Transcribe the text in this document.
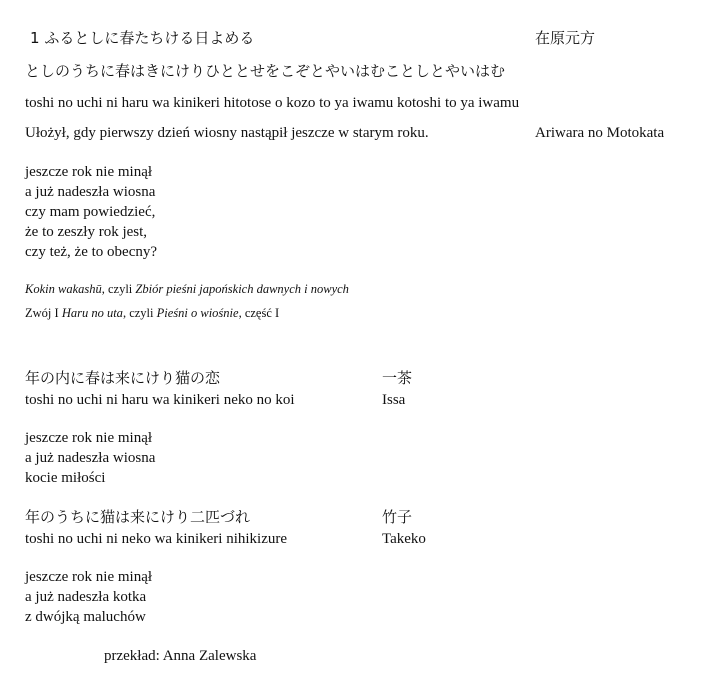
1 ふるとしに春たちける日よめる	在原元方
としのうちに春はきにけりひととせをこぞとやいはむことしとやいはむ
toshi no uchi ni haru wa kinikeri hitotose o kozo to ya iwamu kotoshi to ya iwamu
Ułożył, gdy pierwszy dzień wiosny nastąpił jeszcze w starym roku.	Ariwara no Motokata
jeszcze rok nie minął
a już nadeszła wiosna
czy mam powiedzieć,
że to zeszły rok jest,
czy też, że to obecny?
Kokin wakashū, czyli Zbiór pieśni japońskich dawnych i nowych
Zwój I Haru no uta, czyli Pieśni o wiośnie, część I
年の内に春は来にけり猫の恋	一茶
toshi no uchi ni haru wa kinikeri neko no koi	Issa
jeszcze rok nie minął
a już nadeszła wiosna
kocie miłości
年のうちに猫は来にけり二匹づれ	竹子
toshi no uchi ni neko wa kinikeri nihikizure	Takeko
jeszcze rok nie minął
a już nadeszła kotka
z dwójką maluchów
przekład: Anna Zalewska
